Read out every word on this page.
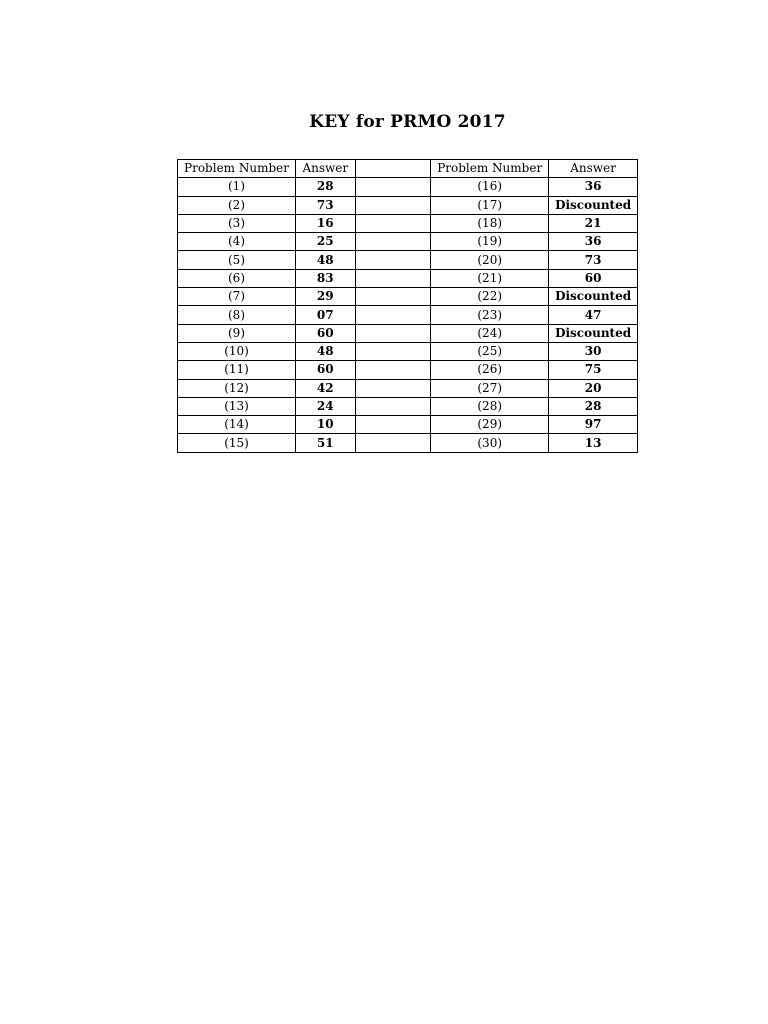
KEY for PRMO 2017
Problem Number	Answer		Problem Number	Answer
(1)	28		(16)	36
(2)	73		(17)	Discounted
(3)	16		(18)	21
(4)	25		(19)	36
(5)	48		(20)	73
(6)	83		(21)	60
(7)	29		(22)	Discounted
(8)	07		(23)	47
(9)	60		(24)	Discounted
(10)	48		(25)	30
(11)	60		(26)	75
(12)	42		(27)	20
(13)	24		(28)	28
(14)	10		(29)	97
(15)	51		(30)	13
